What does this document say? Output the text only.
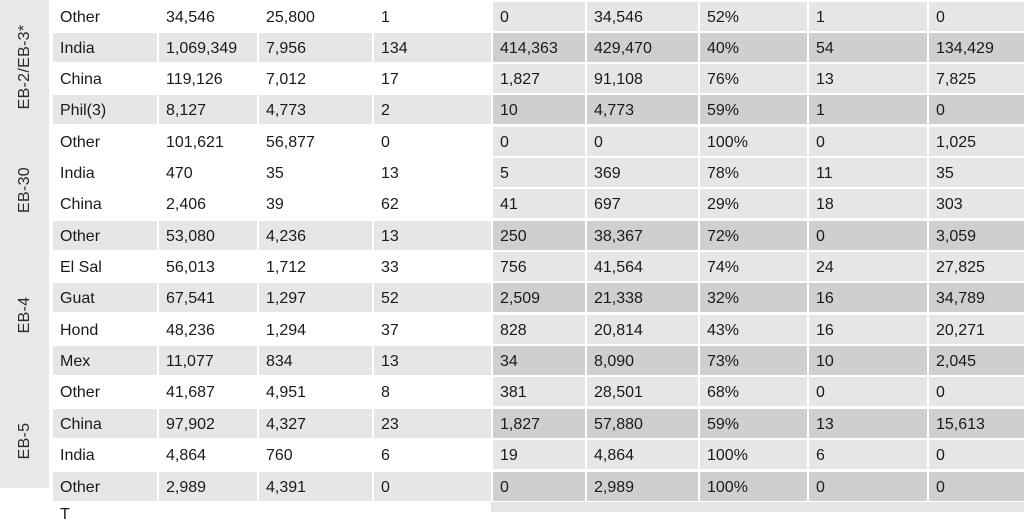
EB-2/EB-3*
EB-30
EB-4
EB-5
Other	34,546	25,800	1	0	34,546	52%	1	0
India	1,069,349	7,956	134	414,363	429,470	40%	54	134,429
China	119,126	7,012	17	1,827	91,108	76%	13	7,825
Phil(3)	8,127	4,773	2	10	4,773	59%	1	0
Other	101,621	56,877	0	0	0	100%	0	1,025
India	470	35	13	5	369	78%	11	35
China	2,406	39	62	41	697	29%	18	303
Other	53,080	4,236	13	250	38,367	72%	0	3,059
El Sal	56,013	1,712	33	756	41,564	74%	24	27,825
Guat	67,541	1,297	52	2,509	21,338	32%	16	34,789
Hond	48,236	1,294	37	828	20,814	43%	16	20,271
Mex	11,077	834	13	34	8,090	73%	10	2,045
Other	41,687	4,951	8	381	28,501	68%	0	0
China	97,902	4,327	23	1,827	57,880	59%	13	15,613
India	4,864	760	6	19	4,864	100%	6	0
Other	2,989	4,391	0	0	2,989	100%	0	0
T
